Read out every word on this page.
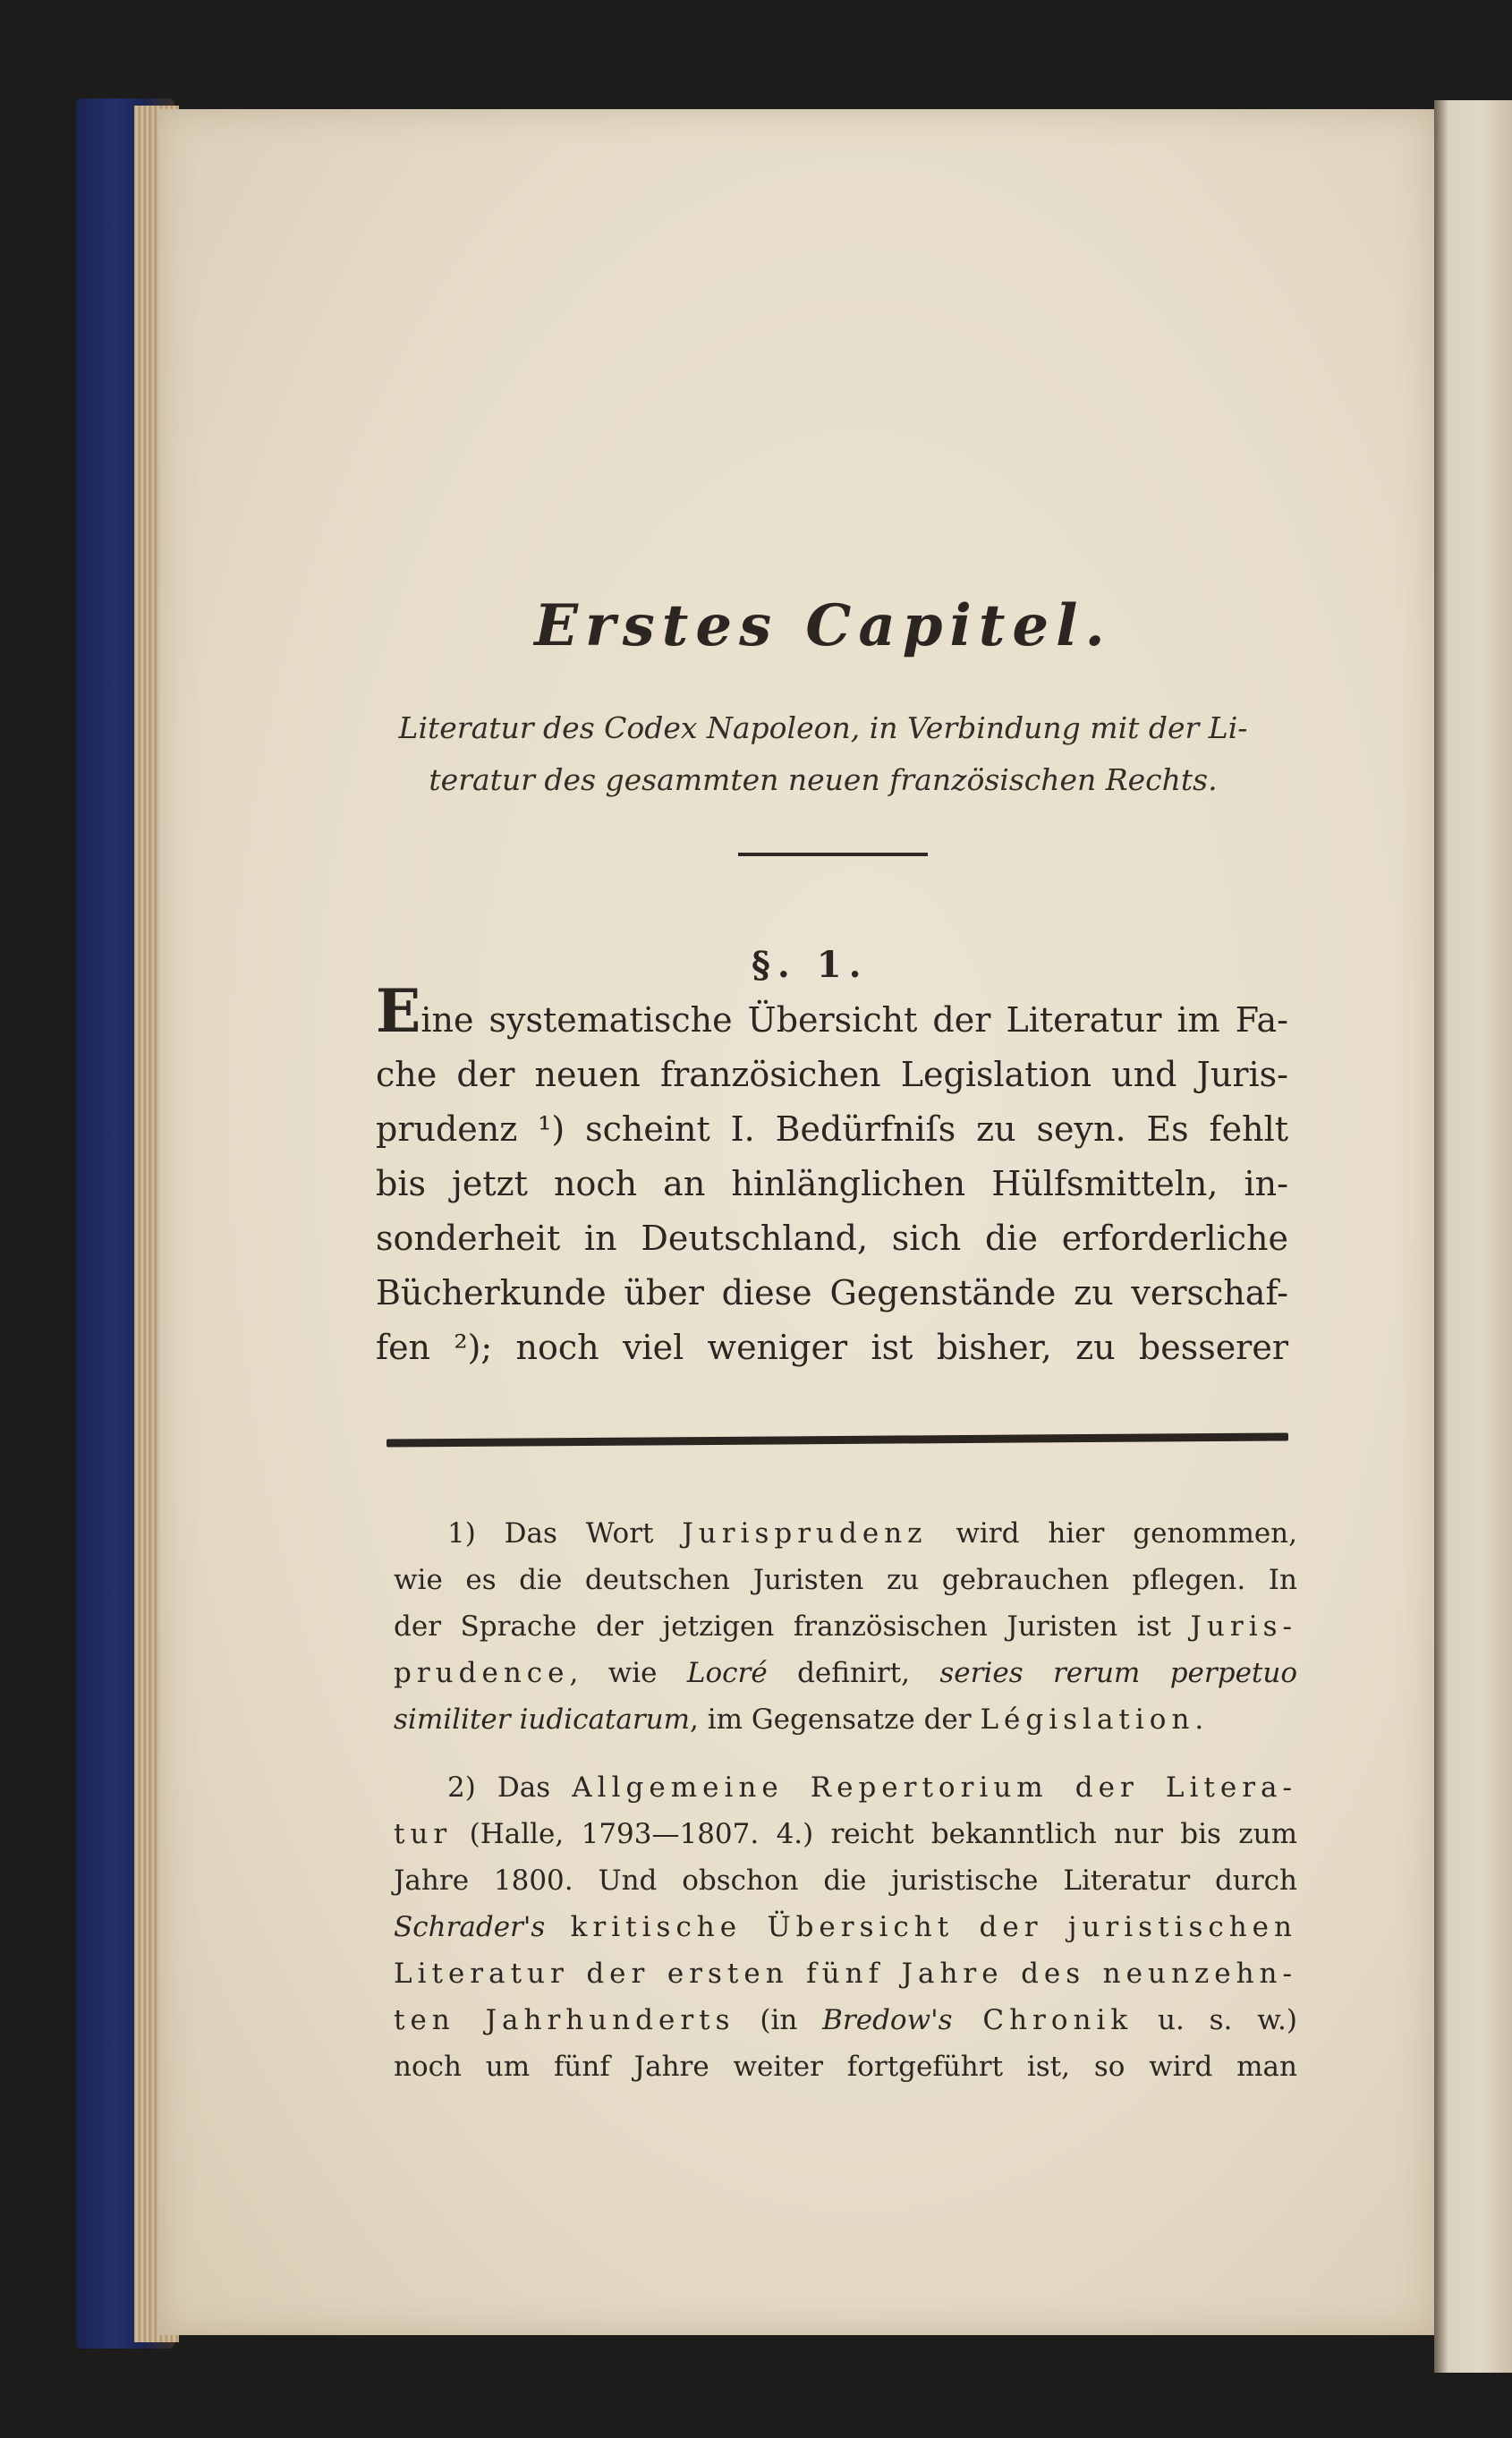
Erstes Capitel.
Literatur des Codex Napoleon, in Verbindung mit der Li-
teratur des gesammten neuen französischen Rechts.
§. 1.
Eine systematische Übersicht der Literatur im Fa-
che der neuen französichen Legislation und Juris-
prudenz ¹) scheint I. Bedürfniſs zu seyn. Es fehlt
bis jetzt noch an hinlänglichen Hülfsmitteln, in-
sonderheit in Deutschland, sich die erforderliche
Bücherkunde über diese Gegenstände zu verschaf-
fen ²); noch viel weniger ist bisher, zu besserer
1) Das Wort Jurisprudenz wird hier genommen,
wie es die deutschen Juristen zu gebrauchen pflegen. In
der Sprache der jetzigen französischen Juristen ist Juris-
prudence, wie Locré definirt, series rerum perpetuo
similiter iudicatarum, im Gegensatze der Législation.
2) Das Allgemeine Repertorium der Litera-
tur (Halle, 1793—1807. 4.) reicht bekanntlich nur bis zum
Jahre 1800. Und obschon die juristische Literatur durch
Schrader's kritische Übersicht der juristischen
Literatur der ersten fünf Jahre des neunzehn-
ten Jahrhunderts (in Bredow's Chronik u. s. w.)
noch um fünf Jahre weiter fortgeführt ist, so wird man
